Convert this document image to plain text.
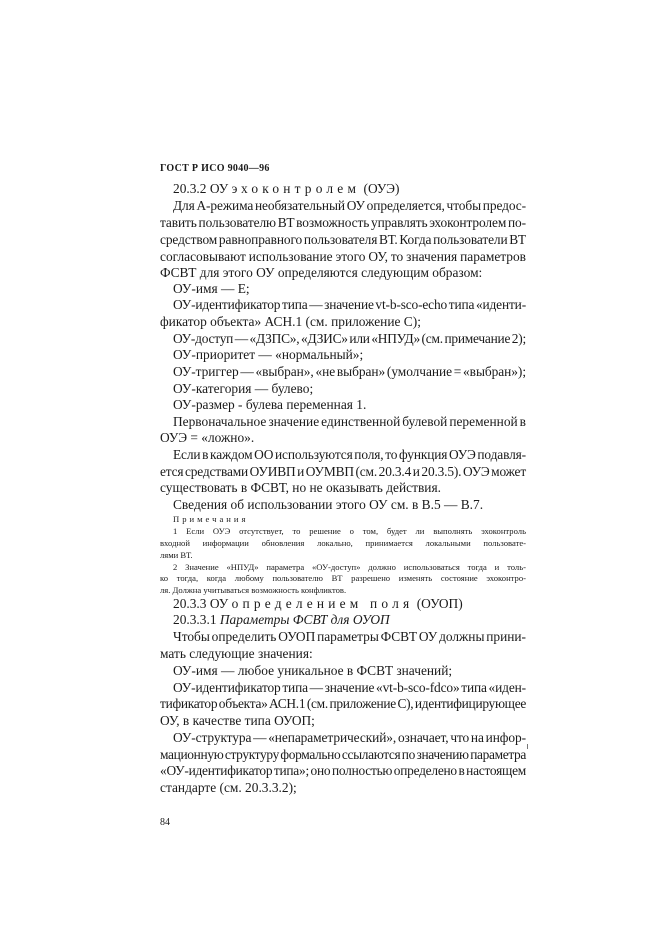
ГОСТ Р ИСО 9040—96
20.3.2 ОУ эхоконтролем (ОУЭ)
Для А-режима необязательный ОУ определяется, чтобы предос-
тавить пользователю ВТ возможность управлять эхоконтролем по-
средством равноправного пользователя ВТ. Когда пользователи ВТ
согласовывают использование этого ОУ, то значения параметров
ФСВТ для этого ОУ определяются следующим образом:
ОУ-имя — Е;
ОУ-идентификатор типа — значение vt-b-sco-echo типа «иденти-
фикатор объекта» АСН.1 (см. приложение С);
ОУ-доступ — «ДЗПС», «ДЗИС» или «НПУД» (см. примечание 2);
ОУ-приоритет — «нормальный»;
ОУ-триггер — «выбран», «не выбран» (умолчание = «выбран»);
ОУ-категория — булево;
ОУ-размер - булева переменная 1.
Первоначальное значение единственной булевой переменной в
ОУЭ = «ложно».
Если в каждом ОО используются поля, то функция ОУЭ подавля-
ется средствами ОУИВП и ОУМВП (см. 20.3.4 и 20.3.5). ОУЭ может
существовать в ФСВТ, но не оказывать действия.
Сведения об использовании этого ОУ см. в В.5 — В.7.
Примечания
1 Если ОУЭ отсутствует, то решение о том, будет ли выполнять эхоконтроль
входной информации обновления локально, принимается локальными пользовате-
лями ВТ.
2 Значение «НПУД» параметра «ОУ-доступ» должно использоваться тогда и толь-
ко тогда, когда любому пользователю ВТ разрешено изменять состояние эхоконтро-
ля. Должна учитываться возможность конфликтов.
20.3.3 ОУ определением поля (ОУОП)
20.3.3.1 Параметры ФСВТ для ОУОП
Чтобы определить ОУОП параметры ФСВТ ОУ должны прини-
мать следующие значения:
ОУ-имя — любое уникальное в ФСВТ значений;
ОУ-идентификатор типа — значение «vt-b-sco-fdco» типа «иден-
тификатор объекта» АСН.1 (см. приложение С), идентифицирующее
ОУ, в качестве типа ОУОП;
ОУ-структура — «непараметрический», означает, что на инфор-
мационную структуру формально ссылаются по значению параметра
«ОУ-идентификатор типа»; оно полностью определено в настоящем
стандарте (см. 20.3.3.2);
84
